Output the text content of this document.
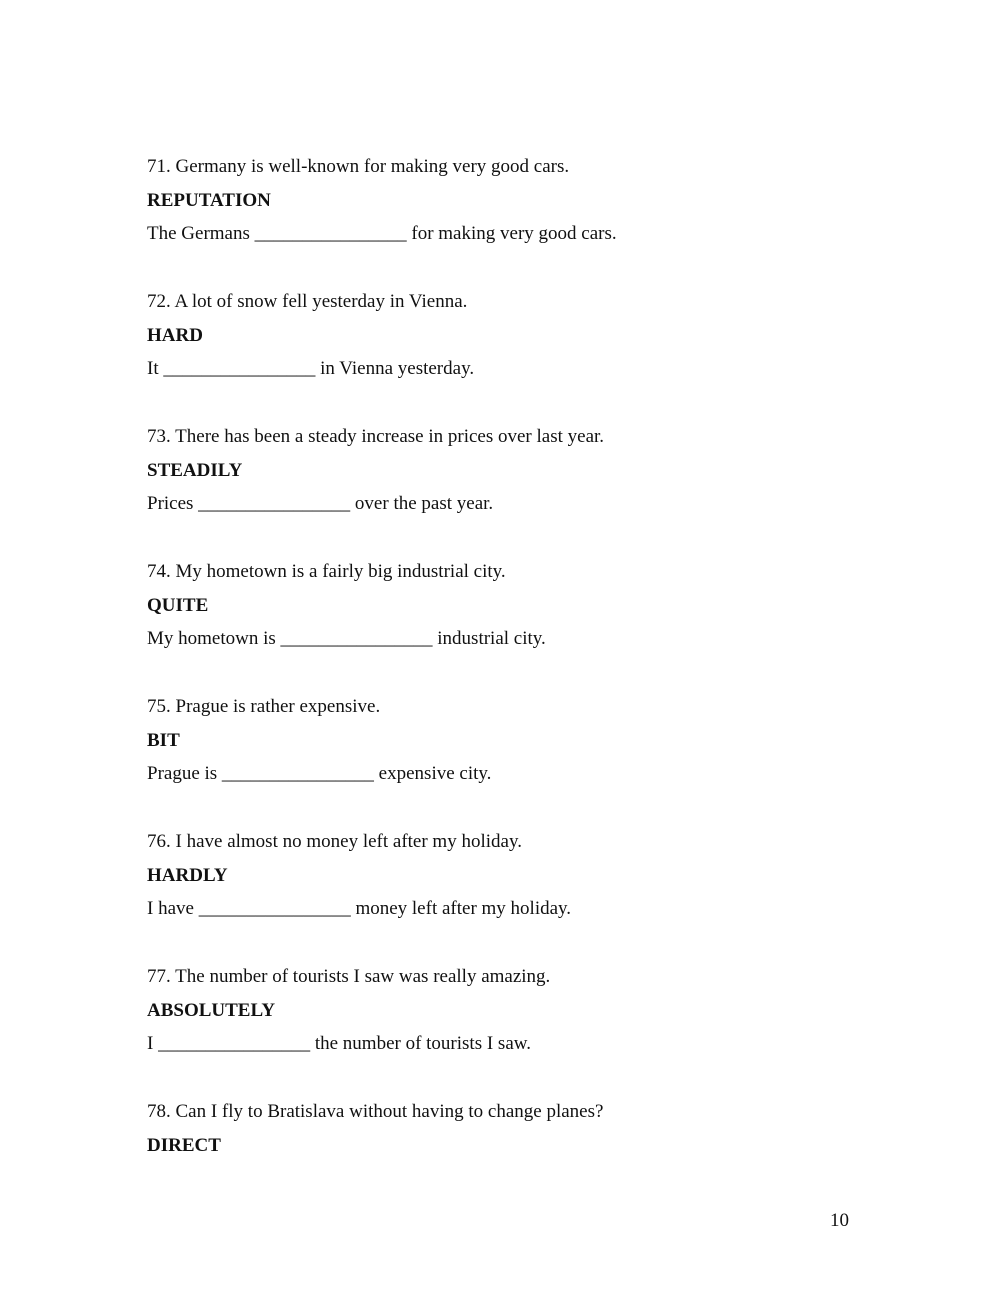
71. Germany is well-known for making very good cars.
REPUTATION
The Germans ________________ for making very good cars.
72. A lot of snow fell yesterday in Vienna.
HARD
It ________________ in Vienna yesterday.
73. There has been a steady increase in prices over last year.
STEADILY
Prices ________________ over the past year.
74. My hometown is a fairly big industrial city.
QUITE
My hometown is ________________ industrial city.
75. Prague is rather expensive.
BIT
Prague is ________________ expensive city.
76. I have almost no money left after my holiday.
HARDLY
I have ________________ money left after my holiday.
77. The number of tourists I saw was really amazing.
ABSOLUTELY
I ________________ the number of tourists I saw.
78. Can I fly to Bratislava without having to change planes?
DIRECT
10
